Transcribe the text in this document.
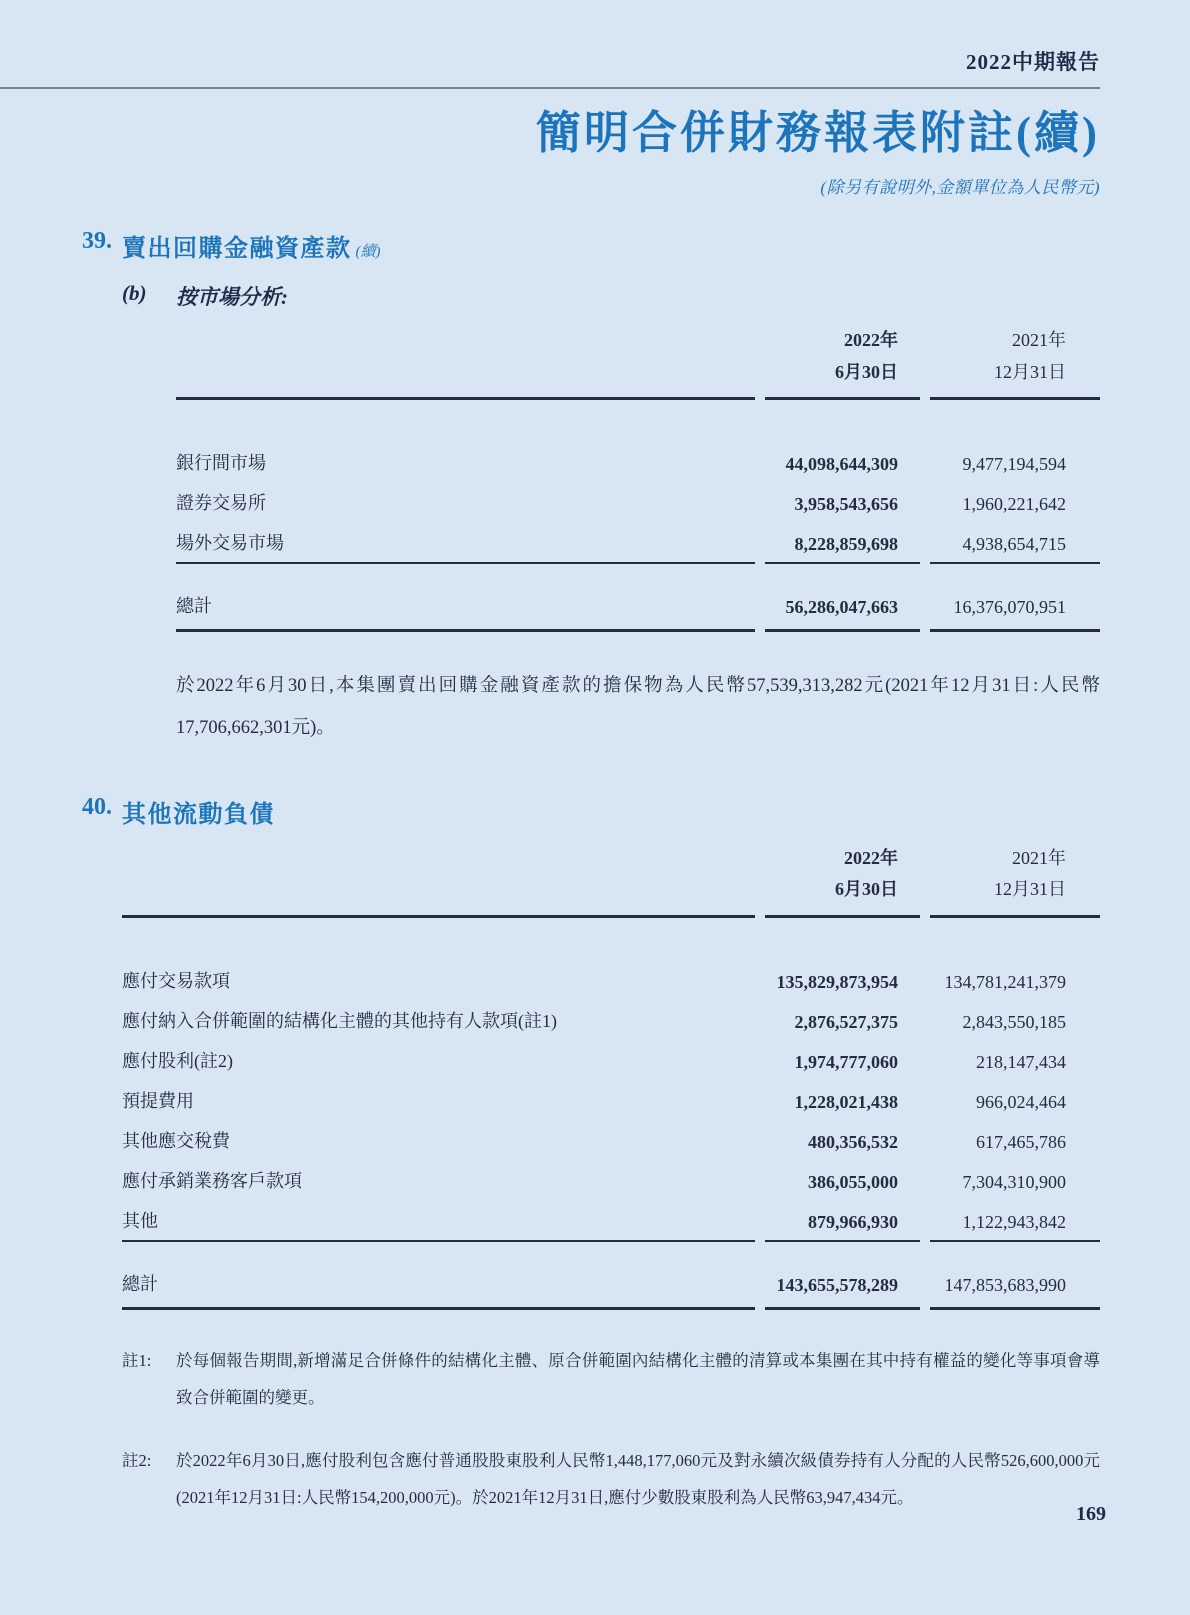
2022中期報告
簡明合併財務報表附註(續)
(除另有說明外,金額單位為人民幣元)
39. 賣出回購金融資產款 (續)
(b)	按市場分析:

2022年
6月30日

2021年
12月31日

銀行間市場	44,098,644,309	9,477,194,594
證券交易所	3,958,543,656	1,960,221,642
場外交易市場	8,228,859,698	4,938,654,715

總計	56,286,047,663	16,376,070,951
於2022年6月30日,本集團賣出回購金融資產款的擔保物為人民幣57,539,313,282元(2021年12月31日:人民幣17,706,662,301元)。
40. 其他流動負債

2022年
6月30日

2021年
12月31日

應付交易款項	135,829,873,954	134,781,241,379
應付納入合併範圍的結構化主體的其他持有人款項(註1)	2,876,527,375	2,843,550,185
應付股利(註2)	1,974,777,060	218,147,434
預提費用	1,228,021,438	966,024,464
其他應交稅費	480,356,532	617,465,786
應付承銷業務客戶款項	386,055,000	7,304,310,900
其他	879,966,930	1,122,943,842

總計	143,655,578,289	147,853,683,990
註1:	於每個報告期間,新增滿足合併條件的結構化主體、原合併範圍內結構化主體的清算或本集團在其中持有權益的變化等事項會導致合併範圍的變更。
註2:	於2022年6月30日,應付股利包含應付普通股股東股利人民幣1,448,177,060元及對永續次級債券持有人分配的人民幣526,600,000元(2021年12月31日:人民幣154,200,000元)。於2021年12月31日,應付少數股東股利為人民幣63,947,434元。
169
